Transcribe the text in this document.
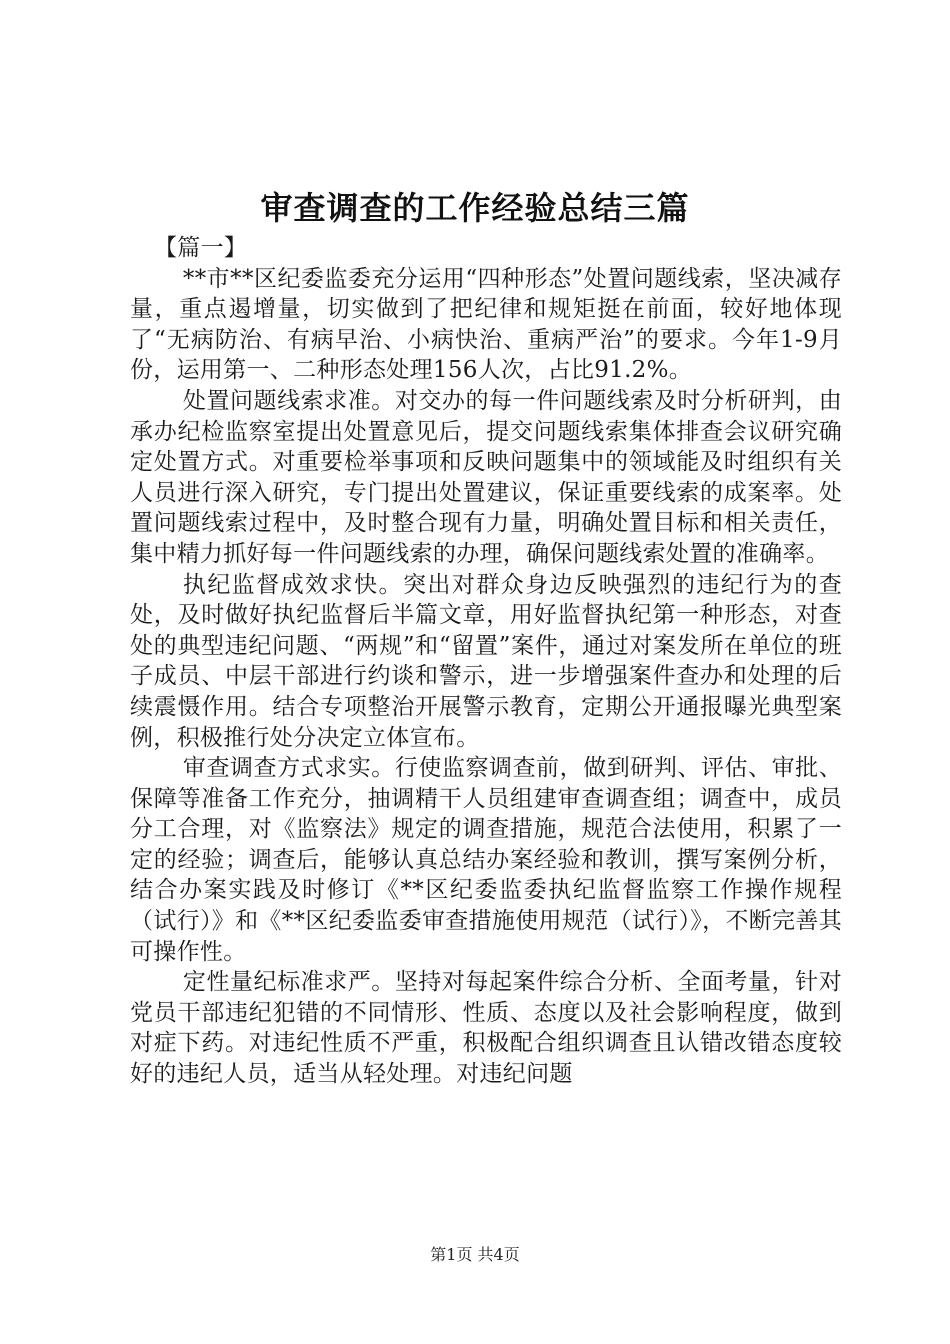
审查调查的工作经验总结三篇

【篇一】

**市**区纪委监委充分运用“四种形态”处置问题线索，坚决减存量，重点遏增量，切实做到了把纪律和规矩挺在前面，较好地体现了“无病防治、有病早治、小病快治、重病严治”的要求。今年1-9月份，运用第一、二种形态处理156人次，占比91.2%。

处置问题线索求准。对交办的每一件问题线索及时分析研判，由承办纪检监察室提出处置意见后，提交问题线索集体排查会议研究确定处置方式。对重要检举事项和反映问题集中的领域能及时组织有关人员进行深入研究，专门提出处置建议，保证重要线索的成案率。处置问题线索过程中，及时整合现有力量，明确处置目标和相关责任，集中精力抓好每一件问题线索的办理，确保问题线索处置的准确率。

执纪监督成效求快。突出对群众身边反映强烈的违纪行为的查处，及时做好执纪监督后半篇文章，用好监督执纪第一种形态，对查处的典型违纪问题、“两规”和“留置”案件，通过对案发所在单位的班子成员、中层干部进行约谈和警示，进一步增强案件查办和处理的后续震慑作用。结合专项整治开展警示教育，定期公开通报曝光典型案例，积极推行处分决定立体宣布。

审查调查方式求实。行使监察调查前，做到研判、评估、审批、保障等准备工作充分，抽调精干人员组建审查调查组；调查中，成员分工合理，对《监察法》规定的调查措施，规范合法使用，积累了一定的经验；调查后，能够认真总结办案经验和教训，撰写案例分析，结合办案实践及时修订《**区纪委监委执纪监督监察工作操作规程（试行）》和《**区纪委监委审查措施使用规范（试行）》，不断完善其可操作性。

定性量纪标准求严。坚持对每起案件综合分析、全面考量，针对党员干部违纪犯错的不同情形、性质、态度以及社会影响程度，做到对症下药。对违纪性质不严重，积极配合组织调查且认错改错态度较好的违纪人员，适当从轻处理。对违纪问题

第1页 共4页
